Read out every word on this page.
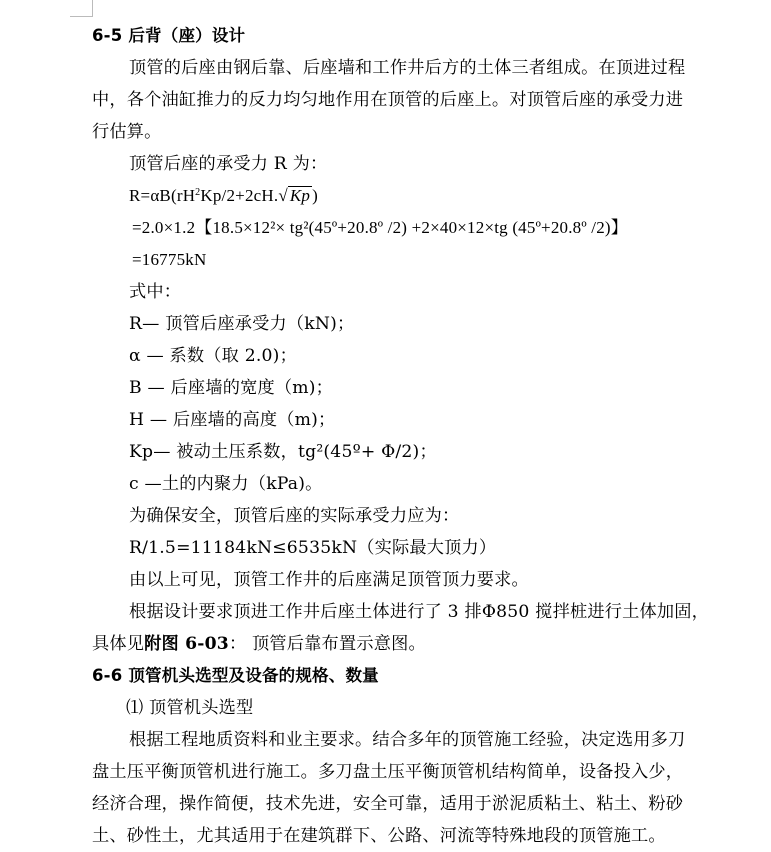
6-5 后背（座）设计
顶管的后座由钢后靠、后座墙和工作井后方的土体三者组成。在顶进过程
中，各个油缸推力的反力均匀地作用在顶管的后座上。对顶管后座的承受力进
行估算。
顶管后座的承受力 R 为：
$R=\alpha B(rH^2Kp/2+2cH.√$ Kp )
=2.0×1.2【18.5×12²× tg²(45º+20.8º /2) +2×40×12×tg (45º+20.8º /2)】
=16775kN
式中：
R— 顶管后座承受力（kN)；
α — 系数（取 2.0)；
B — 后座墙的宽度（m)；
H — 后座墙的高度（m)；
Kp— 被动土压系数，tg²(45º+ Φ/2)；
c —土的内聚力（kPa)。
为确保安全，顶管后座的实际承受力应为：
R/1.5=11184kN≤6535kN（实际最大顶力）
由以上可见，顶管工作井的后座满足顶管顶力要求。
根据设计要求顶进工作井后座土体进行了 3 排Φ850 搅拌桩进行土体加固，
具体见附图 6-03： 顶管后靠布置示意图。
6-6 顶管机头选型及设备的规格、数量
⑴ 顶管机头选型
根据工程地质资料和业主要求。结合多年的顶管施工经验，决定选用多刀
盘土压平衡顶管机进行施工。多刀盘土压平衡顶管机结构简单，设备投入少，
经济合理，操作简便，技术先进，安全可靠，适用于淤泥质粘土、粘土、粉砂
土、砂性土，尤其适用于在建筑群下、公路、河流等特殊地段的顶管施工。
